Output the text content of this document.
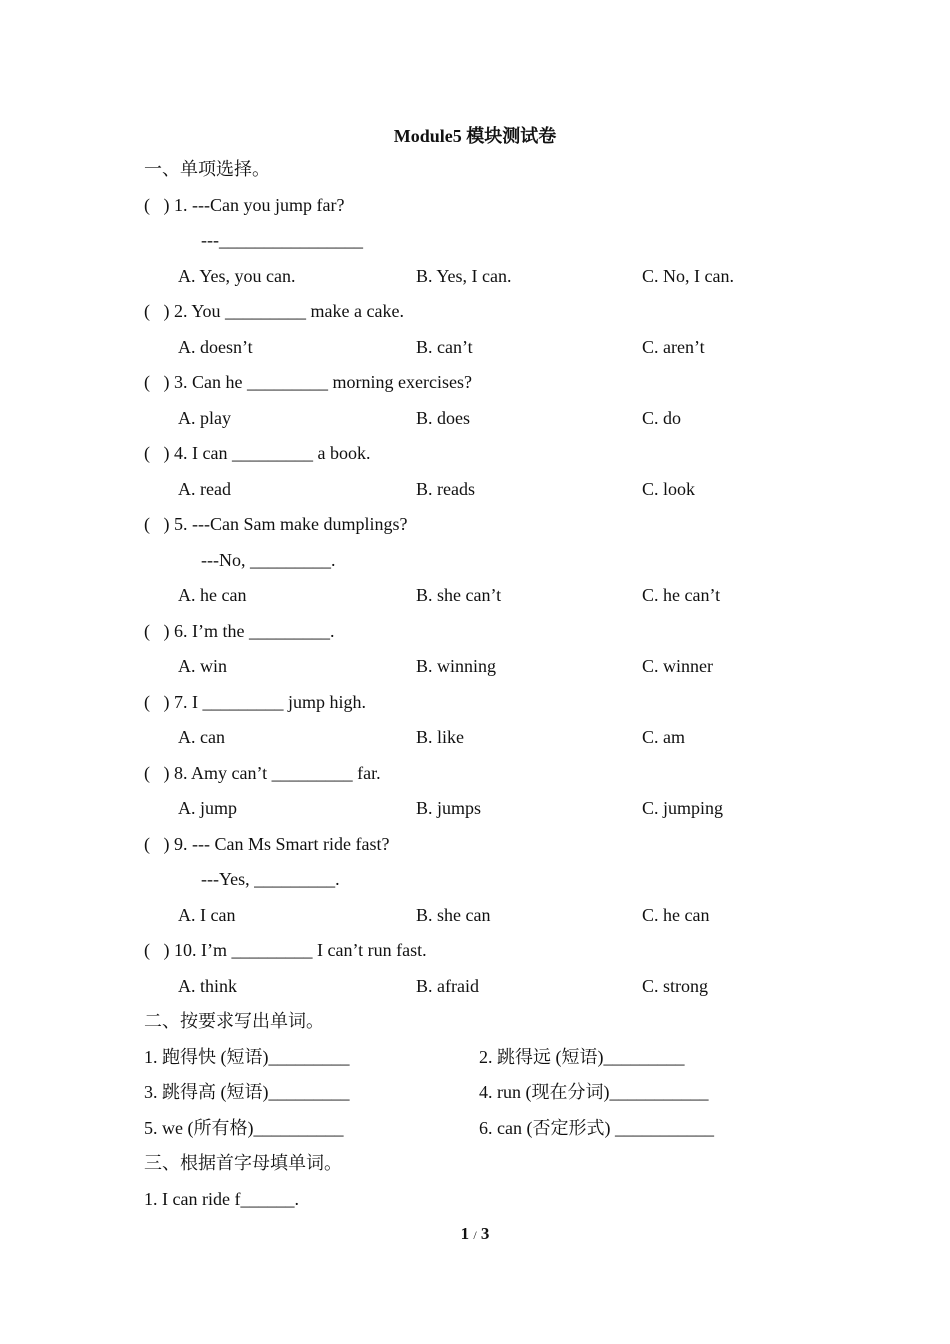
Module5 模块测试卷
一、单项选择。
(   ) 1. ---Can you jump far?
---________________
A. Yes, you can.	B. Yes, I can.	C. No, I can.
(   ) 2. You _________ make a cake.
A. doesn’t	B. can’t	C. aren’t
(   ) 3. Can he _________ morning exercises?
A. play	B. does	C. do
(   ) 4. I can _________ a book.
A. read	B. reads	C. look
(   ) 5. ---Can Sam make dumplings?
---No, _________.
A. he can	B. she can’t	C. he can’t
(   ) 6. I’m the _________.
A. win	B. winning	C. winner
(   ) 7. I _________ jump high.
A. can	B. like	C. am
(   ) 8. Amy can’t _________ far.
A. jump	B. jumps	C. jumping
(   ) 9. --- Can Ms Smart ride fast?
---Yes, _________.
A. I can	B. she can	C. he can
(   ) 10. I’m _________ I can’t run fast.
A. think	B. afraid	C. strong
二、按要求写出单词。
1. 跑得快 (短语)_________	2. 跳得远 (短语)_________
3. 跳得高 (短语)_________	4. run (现在分词)___________
5. we (所有格)__________	6. can (否定形式) ___________
三、根据首字母填单词。
1. I can ride f______.
1 / 3
